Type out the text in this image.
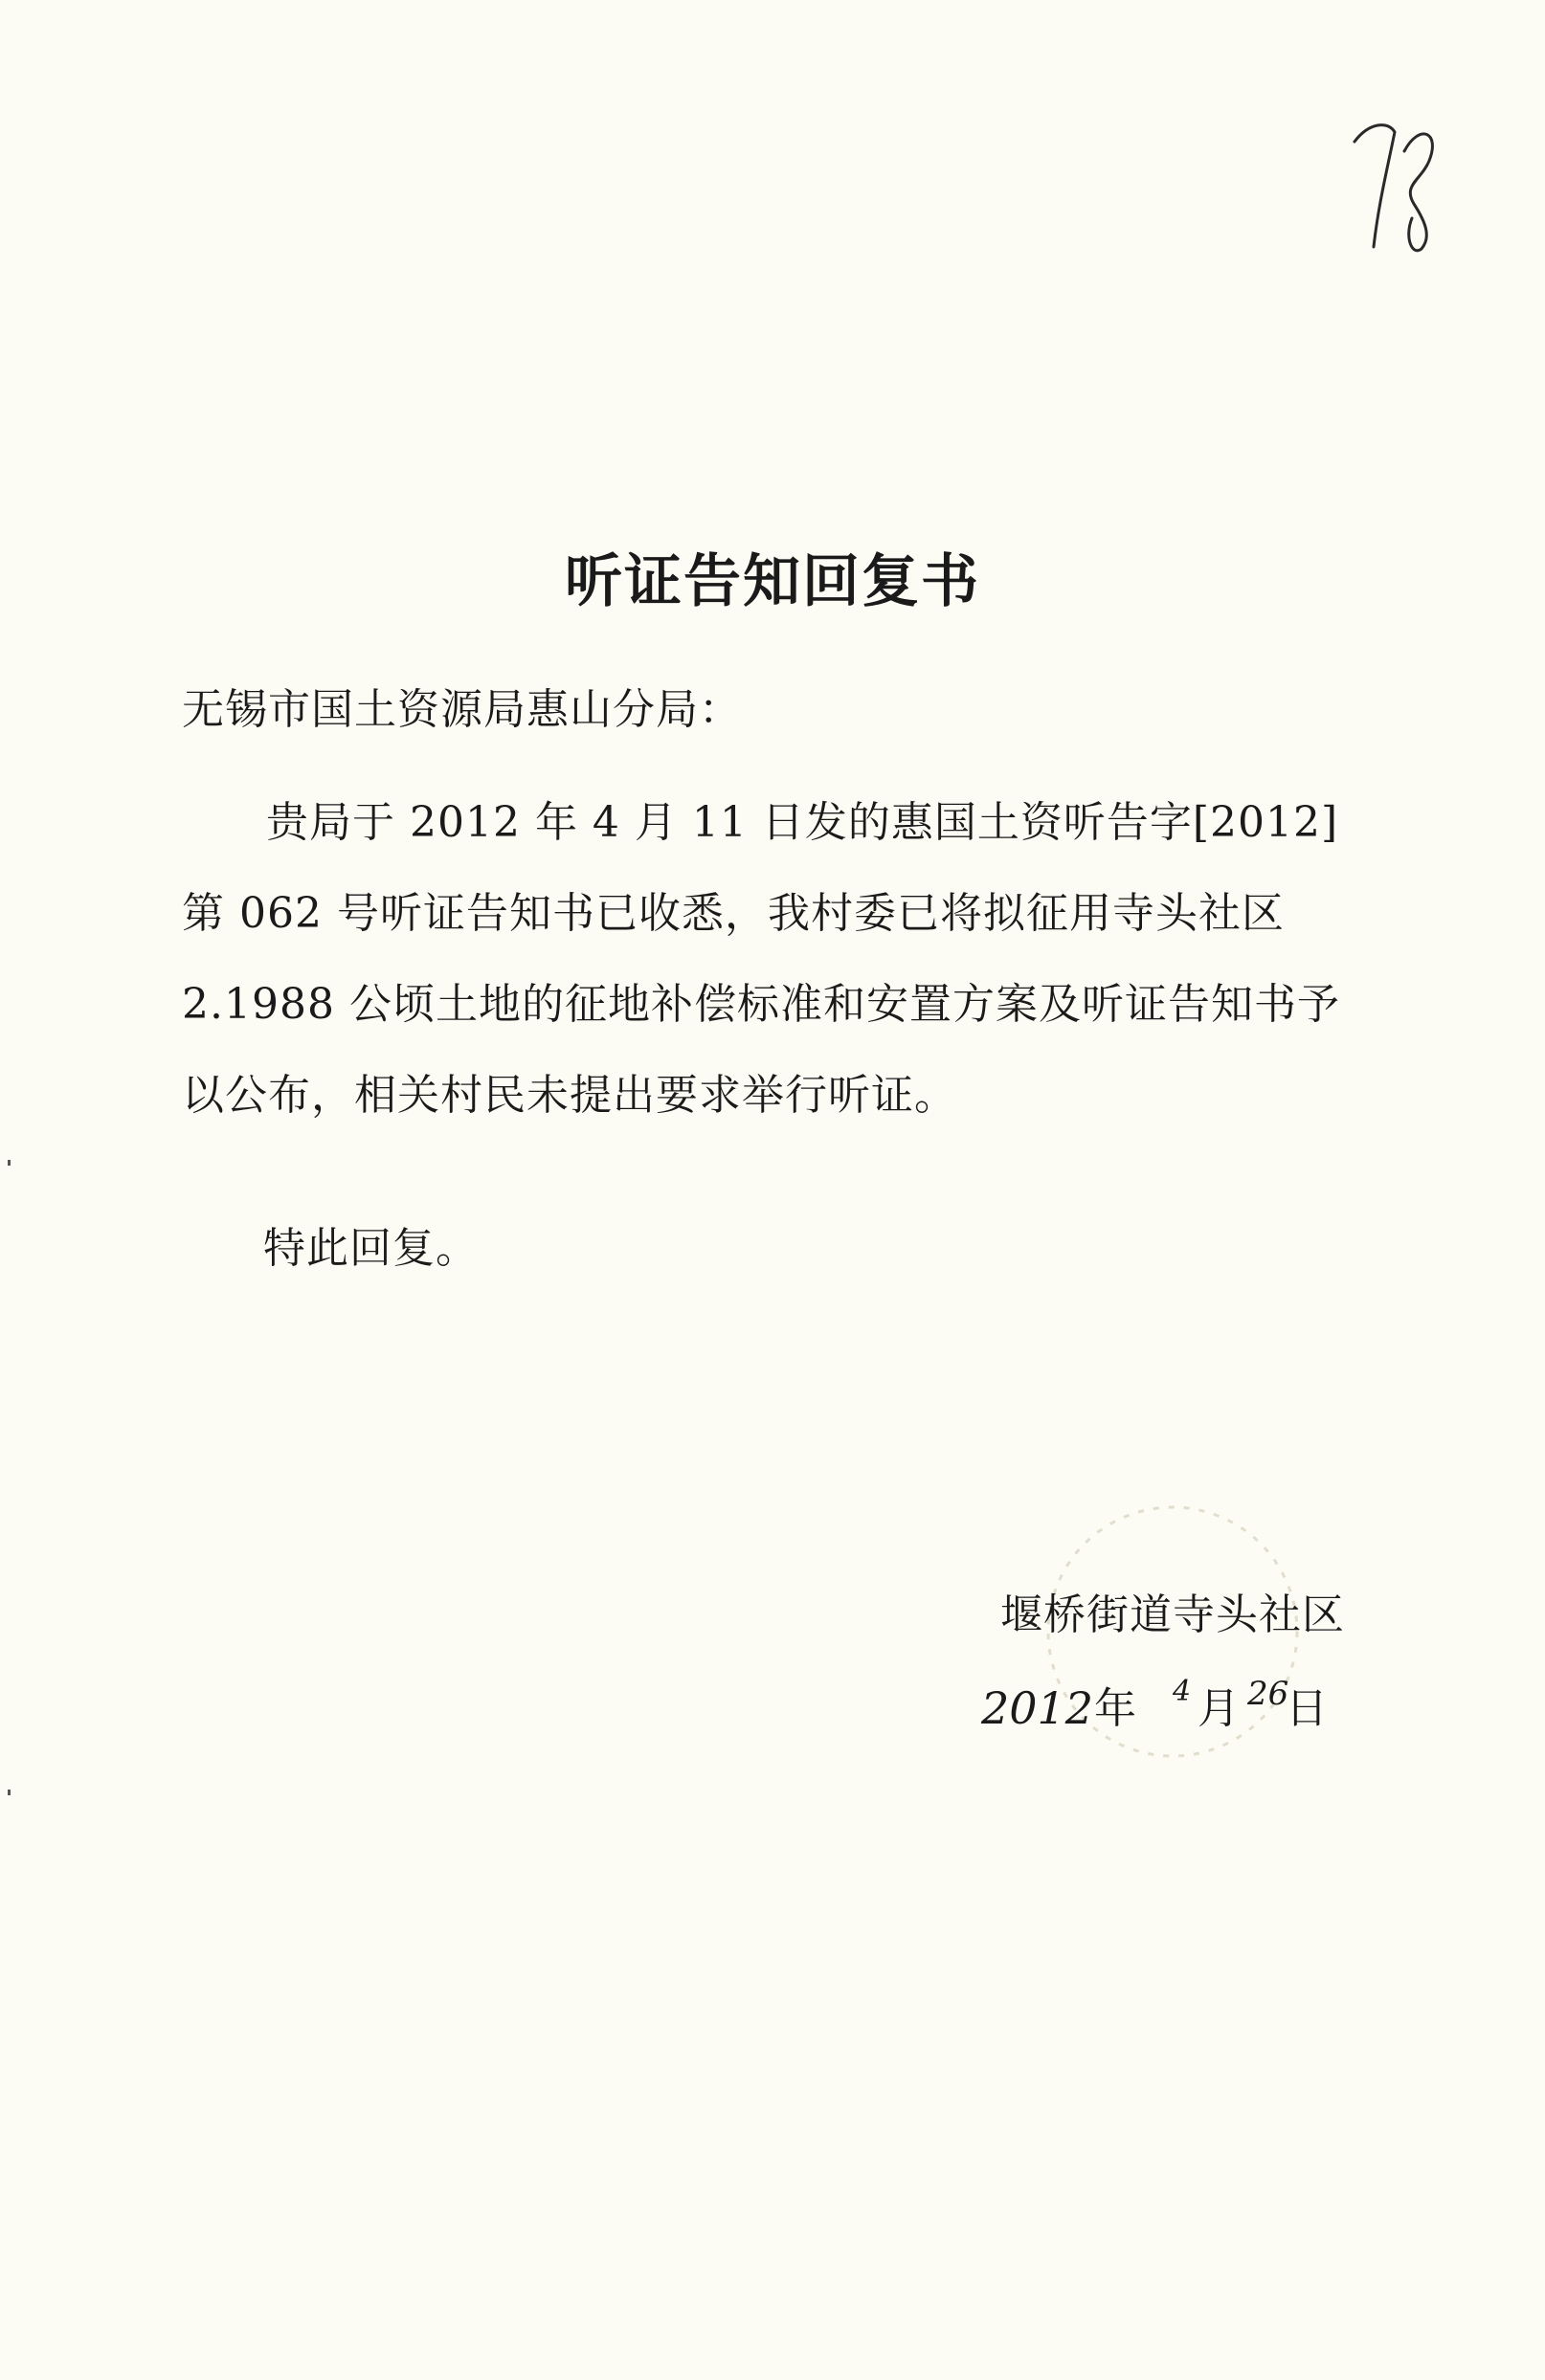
听证告知回复书
无锡市国土资源局惠山分局：

贵局于 2012 年 4 月 11 日发的惠国土资听告字[2012]第 062 号听证告知书已收悉，我村委已将拟征用寺头社区 2.1988 公顷土地的征地补偿标准和安置方案及听证告知书予以公布，相关村民未提出要求举行听证。

特此回复。
堰桥街道寺头社区
2012 年 4 月 26
日
